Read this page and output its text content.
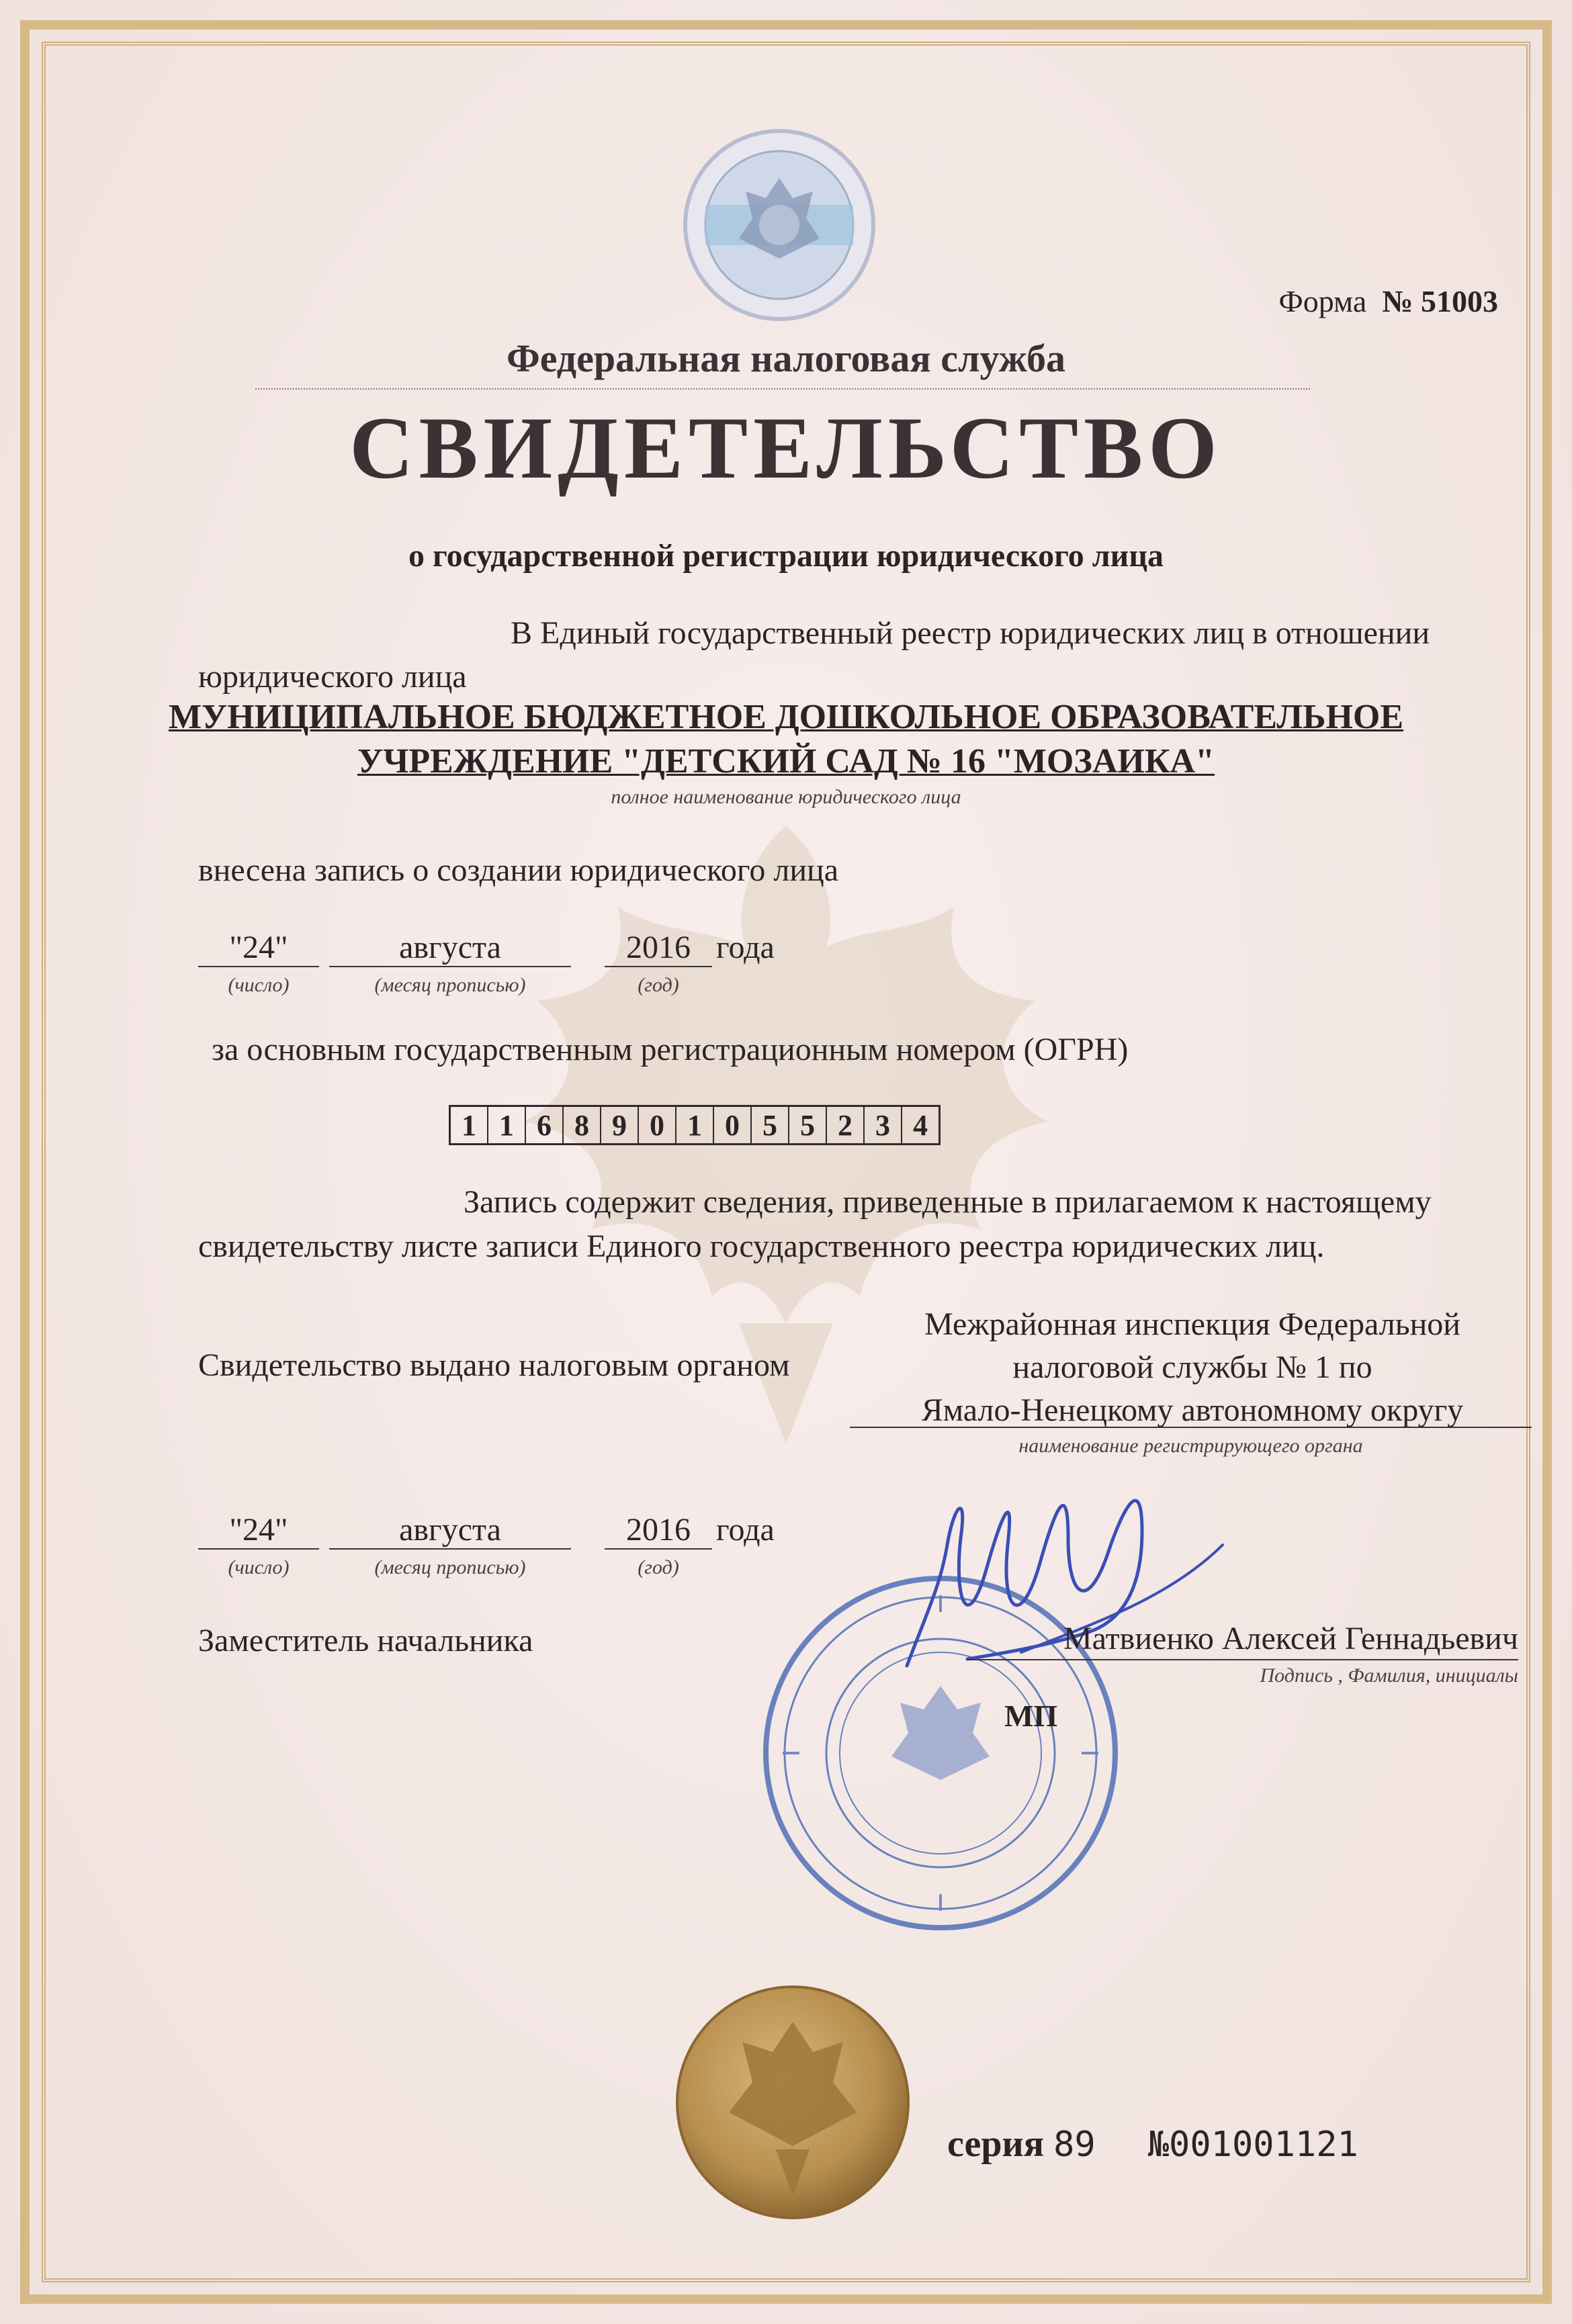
Форма № 51003
Федеральная налоговая служба
СВИДЕТЕЛЬСТВО
о государственной регистрации юридического лица
В Единый государственный реестр юридических лиц в отношении
юридического лица
МУНИЦИПАЛЬНОЕ БЮДЖЕТНОЕ ДОШКОЛЬНОЕ ОБРАЗОВАТЕЛЬНОЕ
УЧРЕЖДЕНИЕ "ДЕТСКИЙ САД № 16 "МОЗАИКА"
полное наименование юридического лица
внесена запись о создании юридического лица
"24"	августа	2016 года
(число)	(месяц прописью)	(год)
за основным государственным регистрационным номером (ОГРН)
1 1 6 8 9 0 1 0 5 5 2 3 4
Запись содержит сведения, приведенные в прилагаемом к настоящему
свидетельству листе записи Единого государственного реестра юридических лиц.
Свидетельство выдано налоговым органом
Межрайонная инспекция Федеральной
налоговой службы № 1 по
Ямало-Ненецкому автономному округу
наименование регистрирующего органа
"24"	августа	2016 года
(число)	(месяц прописью)	(год)
Заместитель начальника	Матвиенко Алексей Геннадьевич
Подпись , Фамилия, инициалы
МП
серия 89 №001001121
